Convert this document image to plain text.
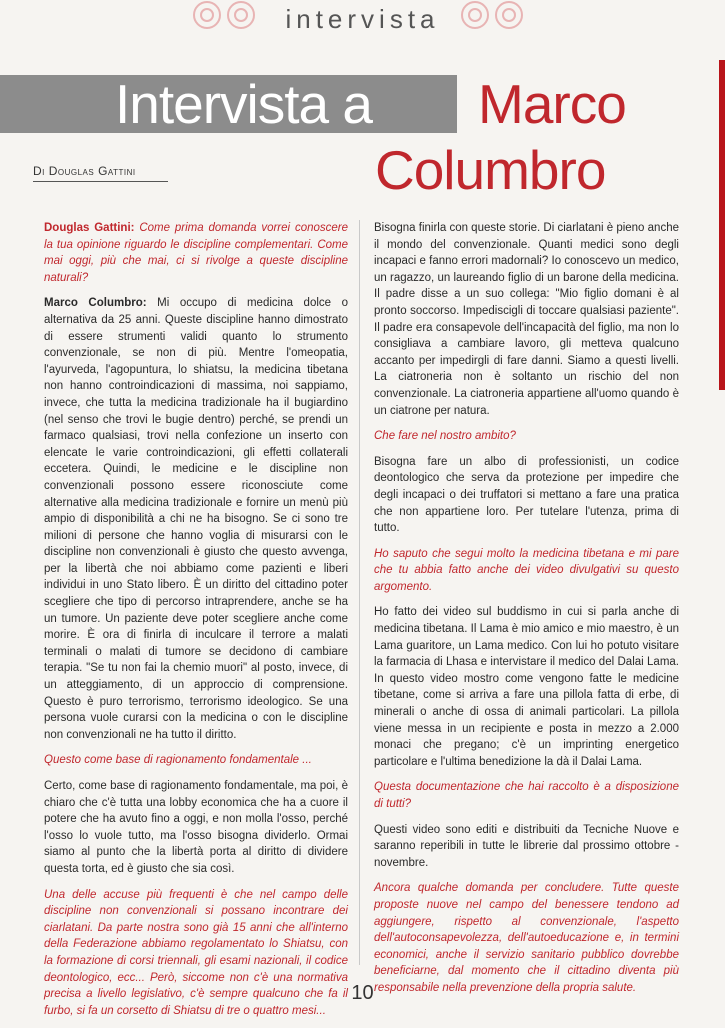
intervista
Intervista a Marco
Columbro
Di Douglas Gattini

Douglas Gattini: Come prima domanda vorrei conoscere la tua opinione riguardo le discipline complementari. Come mai oggi, più che mai, ci si rivolge a queste discipline naturali?

Marco Columbro: Mi occupo di medicina dolce o alternativa da 25 anni. Queste discipline hanno dimostrato di essere strumenti validi quanto lo strumento convenzionale, se non di più. Mentre l'omeopatia, l'ayurveda, l'agopuntura, lo shiatsu, la medicina tibetana non hanno controindicazioni di massima, noi sappiamo, invece, che tutta la medicina tradizionale ha il bugiardino (nel senso che trovi le bugie dentro) perché, se prendi un farmaco qualsiasi, trovi nella confezione un inserto con elencate le varie controindicazioni, gli effetti collaterali eccetera. Quindi, le medicine e le discipline non convenzionali possono essere riconosciute come alternative alla medicina tradizionale e fornire un menù più ampio di disponibilità a chi ne ha bisogno. Se ci sono tre milioni di persone che hanno voglia di misurarsi con le discipline non convenzionali è giusto che questo avvenga, per la libertà che noi abbiamo come pazienti e liberi individui in uno Stato libero. È un diritto del cittadino poter scegliere che tipo di percorso intraprendere, anche se ha un tumore. Un paziente deve poter scegliere anche come morire. È ora di finirla di inculcare il terrore a malati terminali o malati di tumore se decidono di cambiare terapia. "Se tu non fai la chemio muori" al posto, invece, di un atteggiamento, di un approccio di comprensione. Questo è puro terrorismo, terrorismo ideologico. Se una persona vuole curarsi con la medicina o con le discipline non convenzionali ne ha tutto il diritto.

Questo come base di ragionamento fondamentale ...

Certo, come base di ragionamento fondamentale, ma poi, è chiaro che c'è tutta una lobby economica che ha a cuore il potere che ha avuto fino a oggi, e non molla l'osso, perché l'osso lo vuole tutto, ma l'osso bisogna dividerlo. Ormai siamo al punto che la libertà porta al diritto di dividere questa torta, ed è giusto che sia così.

Una delle accuse più frequenti è che nel campo delle discipline non convenzionali si possano incontrare dei ciarlatani. Da parte nostra sono già 15 anni che all'interno della Federazione abbiamo regolamentato lo Shiatsu, con la formazione di corsi triennali, gli esami nazionali, il codice deontologico, ecc... Però, siccome non c'è una normativa precisa a livello legislativo, c'è sempre qualcuno che fa il furbo, si fa un corsetto di Shiatsu di tre o quattro mesi...

Bisogna finirla con queste storie. Di ciarlatani è pieno anche il mondo del convenzionale. Quanti medici sono degli incapaci e fanno errori madornali? Io conoscevo un medico, un ragazzo, un laureando figlio di un barone della medicina. Il padre disse a un suo collega: "Mio figlio domani è al pronto soccorso. Impediscigli di toccare qualsiasi paziente". Il padre era consapevole dell'incapacità del figlio, ma non lo consigliava a cambiare lavoro, gli metteva qualcuno accanto per impedirgli di fare danni. Siamo a questi livelli. La ciatroneria non è soltanto un rischio del non convenzionale. La ciatroneria appartiene all'uomo quando è un ciatrone per natura.

Che fare nel nostro ambito?

Bisogna fare un albo di professionisti, un codice deontologico che serva da protezione per impedire che degli incapaci o dei truffatori si mettano a fare una pratica che non appartiene loro. Per tutelare l'utenza, prima di tutto.

Ho saputo che segui molto la medicina tibetana e mi pare che tu abbia fatto anche dei video divulgativi su questo argomento.

Ho fatto dei video sul buddismo in cui si parla anche di medicina tibetana. Il Lama è mio amico e mio maestro, è un Lama guaritore, un Lama medico. Con lui ho potuto visitare la farmacia di Lhasa e intervistare il medico del Dalai Lama. In questo video mostro come vengono fatte le medicine tibetane, come si arriva a fare una pillola fatta di erbe, di minerali o anche di ossa di animali particolari. La pillola viene messa in un recipiente e posta in mezzo a 2.000 monaci che pregano; c'è un imprinting energetico particolare e l'ultima benedizione la dà il Dalai Lama.

Questa documentazione che hai raccolto è a disposizione di tutti?

Questi video sono editi e distribuiti da Tecniche Nuove e saranno reperibili in tutte le librerie dal prossimo ottobre - novembre.

Ancora qualche domanda per concludere. Tutte queste proposte nuove nel campo del benessere tendono ad aggiungere, rispetto al convenzionale, l'aspetto dell'autoconsapevolezza, dell'autoeducazione e, in termini economici, anche il servizio sanitario pubblico dovrebbe beneficiarne, dal momento che il cittadino diventa più responsabile nella prevenzione della propria salute.

10
